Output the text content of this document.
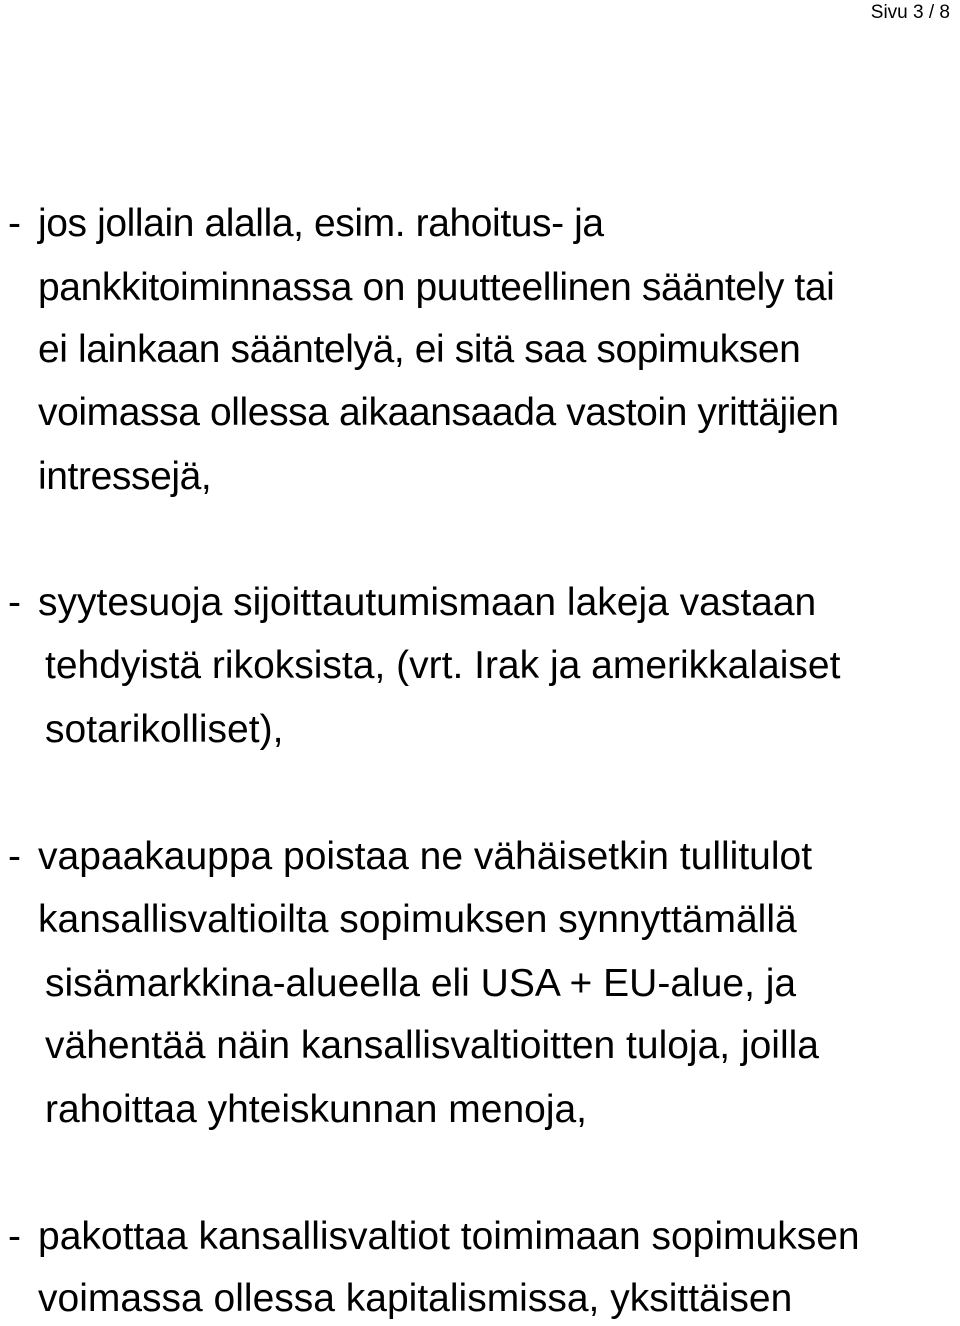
Sivu 3 / 8
- jos jollain alalla, esim. rahoitus- ja

pankkitoiminnassa on puutteellinen sääntely tai

ei lainkaan sääntelyä, ei sitä saa sopimuksen

voimassa ollessa aikaansaada vastoin yrittäjien

intressejä,

- syytesuoja sijoittautumismaan lakeja vastaan

tehdyistä rikoksista, (vrt. Irak ja amerikkalaiset

sotarikolliset),

- vapaakauppa poistaa ne vähäisetkin tullitulot

kansallisvaltioilta sopimuksen synnyttämällä

sisämarkkina-alueella eli USA + EU-alue, ja

vähentää näin kansallisvaltioitten tuloja, joilla

rahoittaa yhteiskunnan menoja,

- pakottaa kansallisvaltiot toimimaan sopimuksen

voimassa ollessa kapitalismissa, yksittäisen
